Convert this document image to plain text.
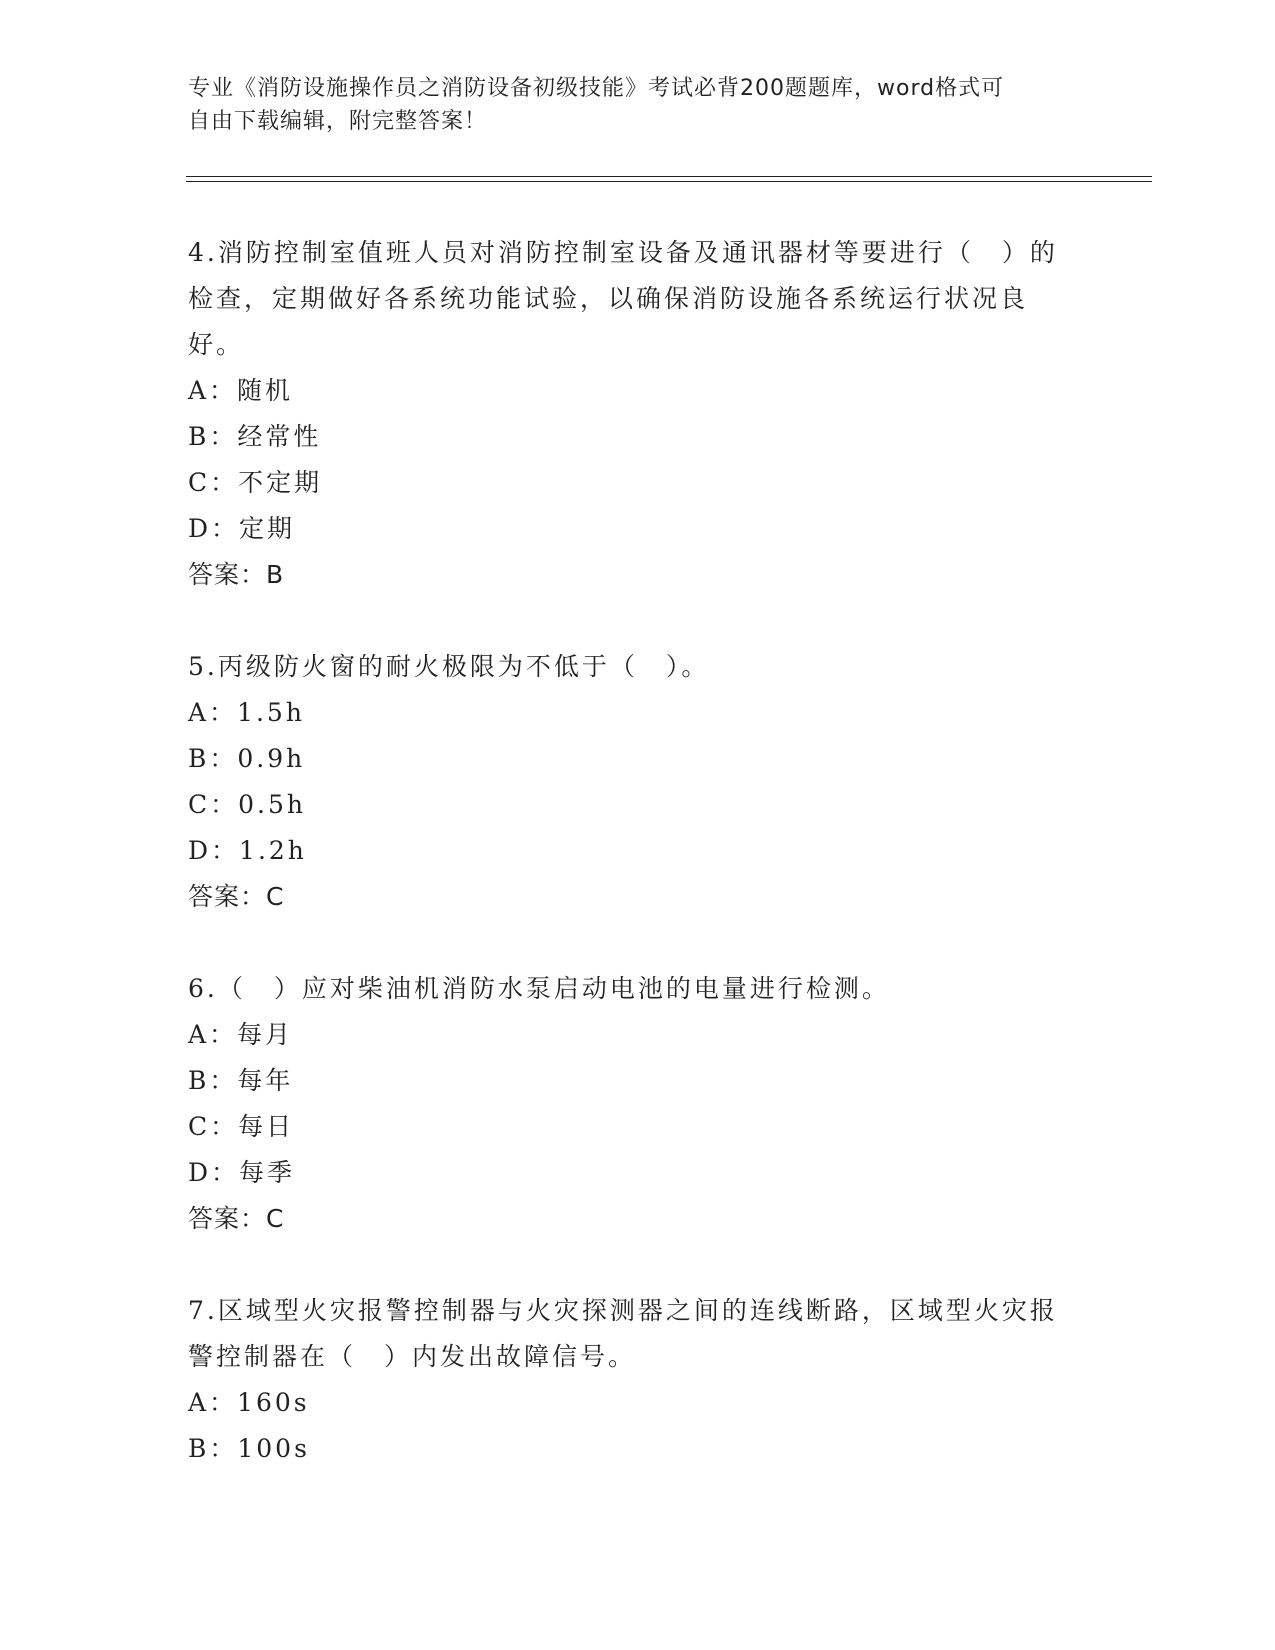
专业《消防设施操作员之消防设备初级技能》考试必背200题题库，word格式可
自由下载编辑，附完整答案！

4.消防控制室值班人员对消防控制室设备及通讯器材等要进行（　）的检查，定期做好各系统功能试验，以确保消防设施各系统运行状况良好。

A：随机

B：经常性

C：不定期

D：定期

答案：B

5.丙级防火窗的耐火极限为不低于（　）。

A：1.5h

B：0.9h

C：0.5h

D：1.2h

答案：C

6.（　）应对柴油机消防水泵启动电池的电量进行检测。

A：每月

B：每年

C：每日

D：每季

答案：C

7.区域型火灾报警控制器与火灾探测器之间的连线断路，区域型火灾报警控制器在（　）内发出故障信号。

A：160s

B：100s
